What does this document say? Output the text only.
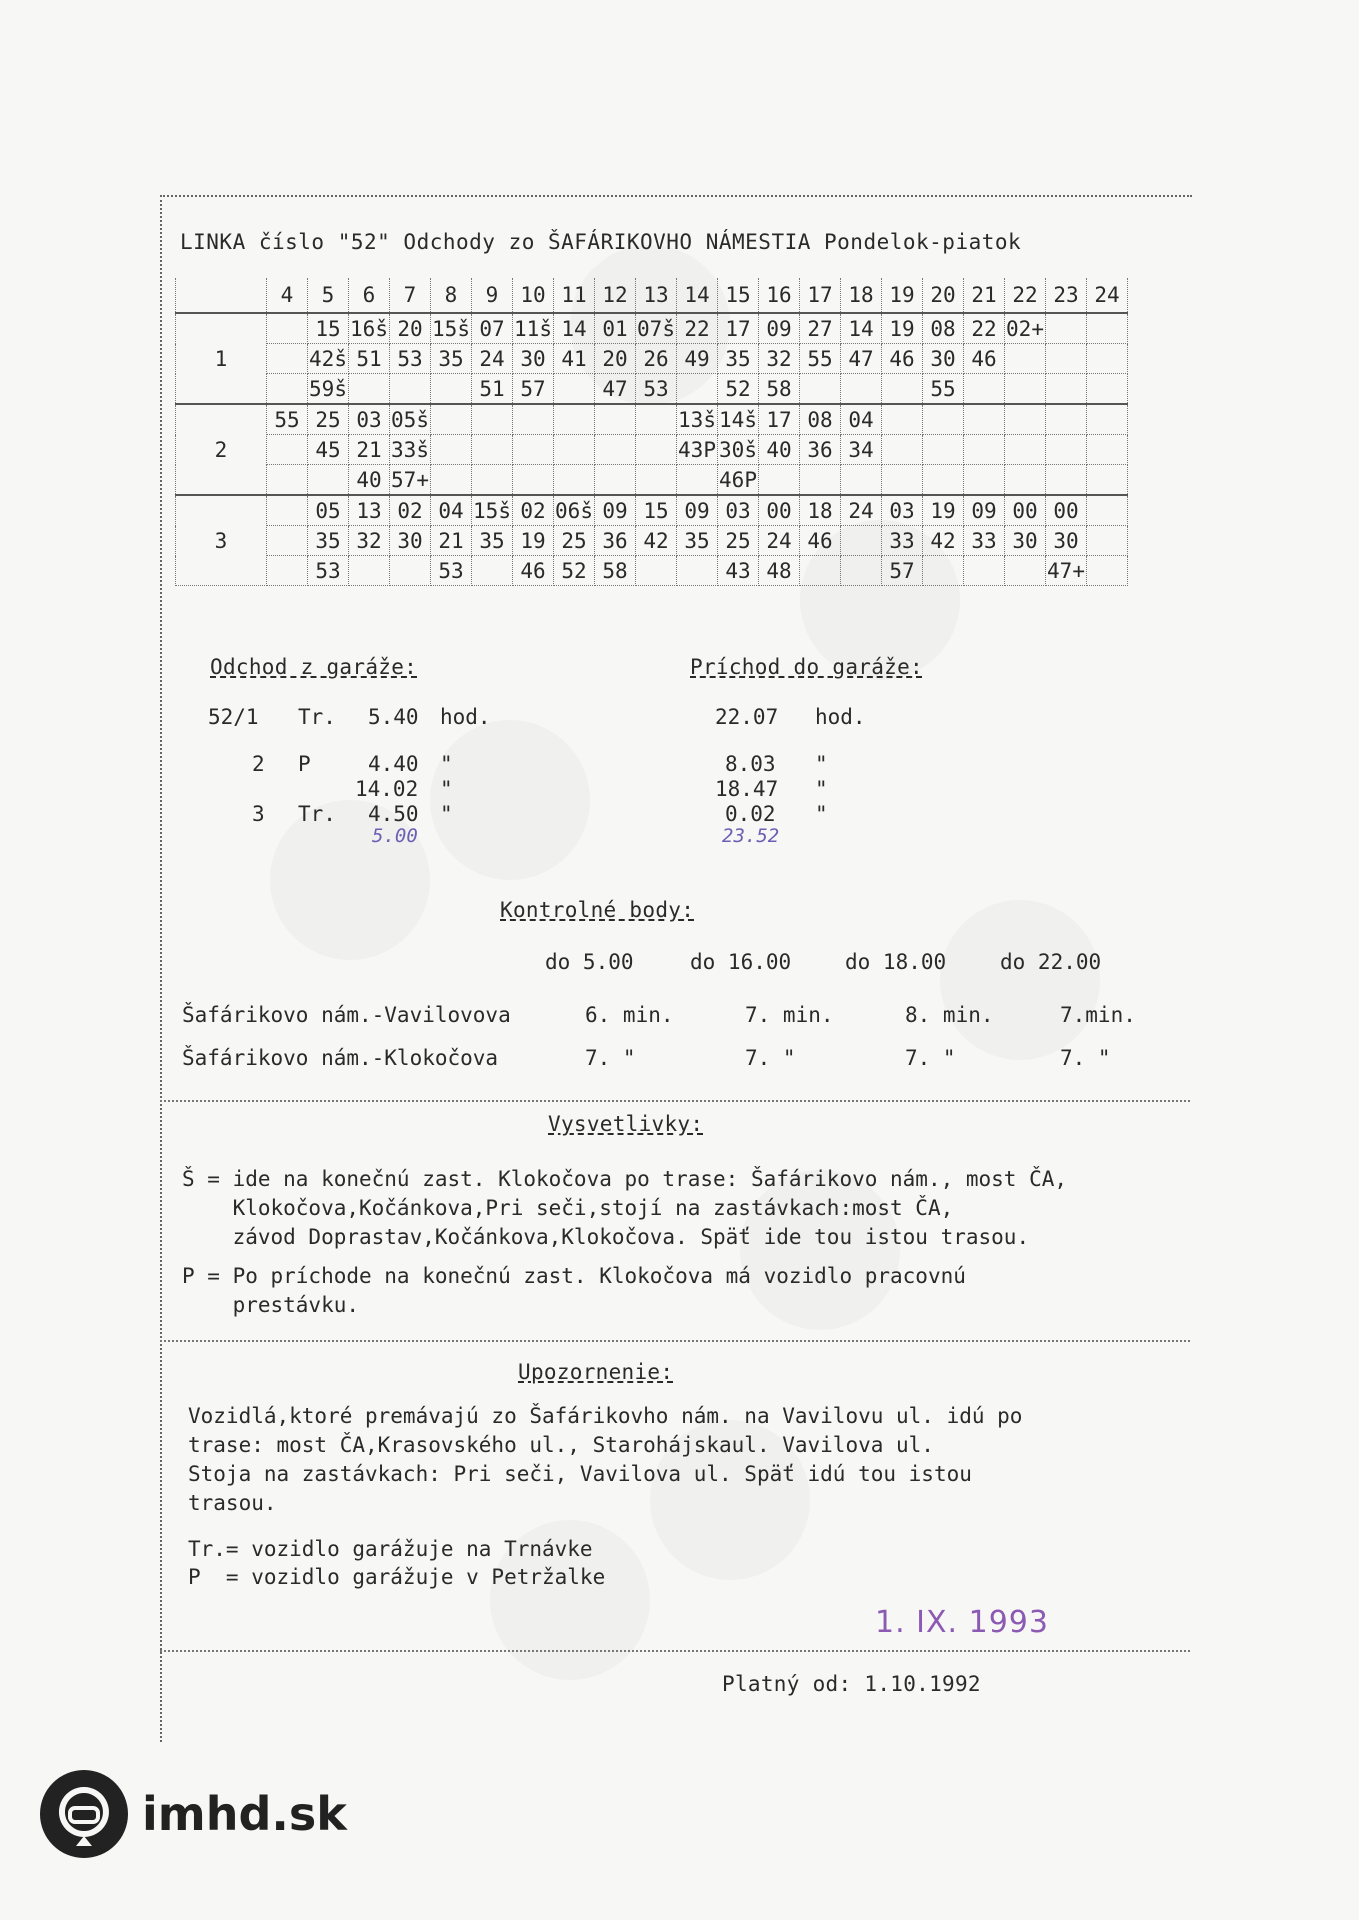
LINKA číslo "52" Odchody zo ŠAFÁRIKOVHO NÁMESTIA Pondelok-piatok
	4	5	6	7	8	9	10	11	12	13	14	15	16	17	18	19	20	21	22	23	24
1		15	16š	20	15š	07	11š	14	01	07š	22	17	09	27	14	19	08	22	02+		
		42š	51	53	35	24	30	41	20	26	49	35	32	55	47	46	30	46			
		59š				51	57		47	53		52	58				55				
2	55	25	03	05š							13š	14š	17	08	04						
		45	21	33š							43P	30š	40	36	34						
			40	57+								46P									
3		05	13	02	04	15š	02	06š	09	15	09	03	00	18	24	03	19	09	00	00	
		35	32	30	21	35	19	25	36	42	35	25	24	46		33	42	33	30	30	
		53			53		46	52	58			43	48			57				47+	
Odchod z garáže:	Príchod do garáže:
52/1 Tr. 5.40 hod.	22.07 hod.
2 P	4.40 "	8.03 "
14.02 "	18.47 "
3 Tr. 4.50 "	0.02 "
5.00	23.52
Kontrolné body:
do 5.00	do 16.00	do 18.00	do 22.00
Šafárikovo nám.-Vavilovova	6. min.	7. min.	8. min.	7.min.
Šafárikovo nám.-Klokočova	7. "	7. "	7. "	7. "
Vysvetlivky:
Š = ide na konečnú zast. Klokočova po trase: Šafárikovo nám., most ČA,
Klokočova,Kočánkova,Pri seči,stojí na zastávkach:most ČA,
závod Doprastav,Kočánkova,Klokočova. Späť ide tou istou trasou.
P = Po príchode na konečnú zast. Klokočova má vozidlo pracovnú
prestávku.
Upozornenie:
Vozidlá,ktoré premávajú zo Šafárikovho nám. na Vavilovu ul. idú po
trase: most ČA,Krasovského ul., Starohájskaul. Vavilova ul.
Stoja na zastávkach: Pri seči, Vavilova ul. Späť idú tou istou
trasou.
Tr.= vozidlo garážuje na Trnávke
P  = vozidlo garážuje v Petržalke
1. IX. 1993
Platný od: 1.10.1992
imhd.sk
